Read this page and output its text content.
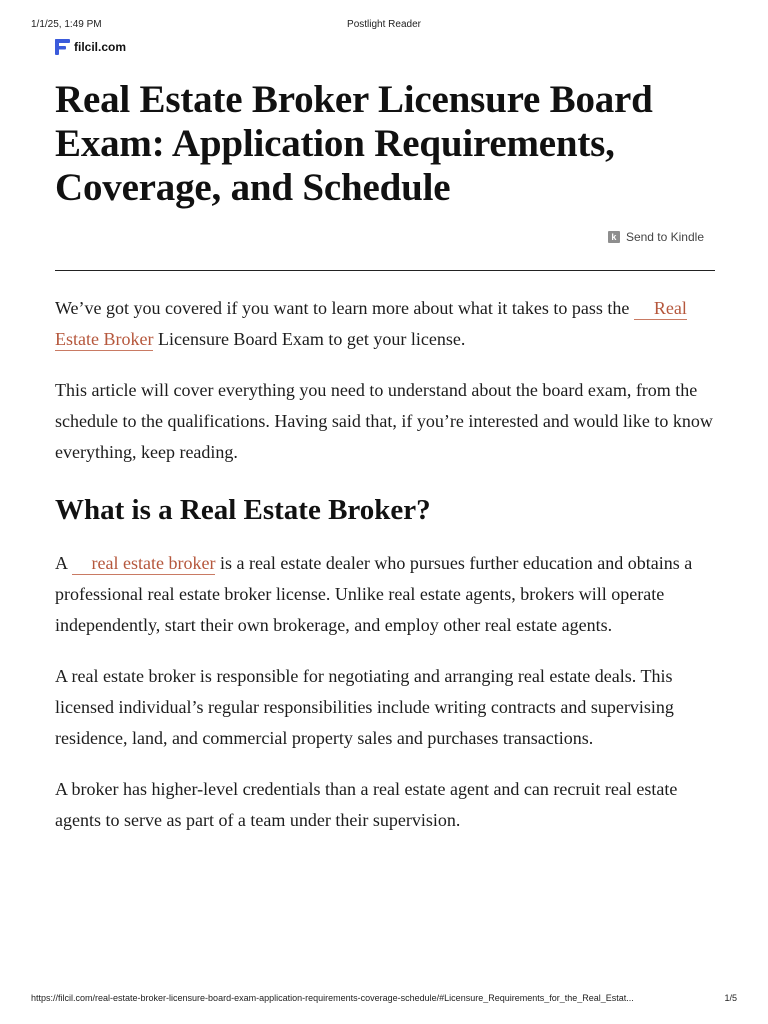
1/1/25, 1:49 PM	Postlight Reader
filcil.com
Real Estate Broker Licensure Board Exam: Application Requirements, Coverage, and Schedule
k Send to Kindle

We’ve got you covered if you want to learn more about what it takes to pass the Real Estate Broker Licensure Board Exam to get your license.

This article will cover everything you need to understand about the board exam, from the schedule to the qualifications. Having said that, if you’re interested and would like to know everything, keep reading.

What is a Real Estate Broker?

A real estate broker is a real estate dealer who pursues further education and obtains a professional real estate broker license. Unlike real estate agents, brokers will operate independently, start their own brokerage, and employ other real estate agents.

A real estate broker is responsible for negotiating and arranging real estate deals. This licensed individual’s regular responsibilities include writing contracts and supervising residence, land, and commercial property sales and purchases transactions.

A broker has higher-level credentials than a real estate agent and can recruit real estate agents to serve as part of a team under their supervision.

https://filcil.com/real-estate-broker-licensure-board-exam-application-requirements-coverage-schedule/#Licensure_Requirements_for_the_Real_Estat...	1/5
